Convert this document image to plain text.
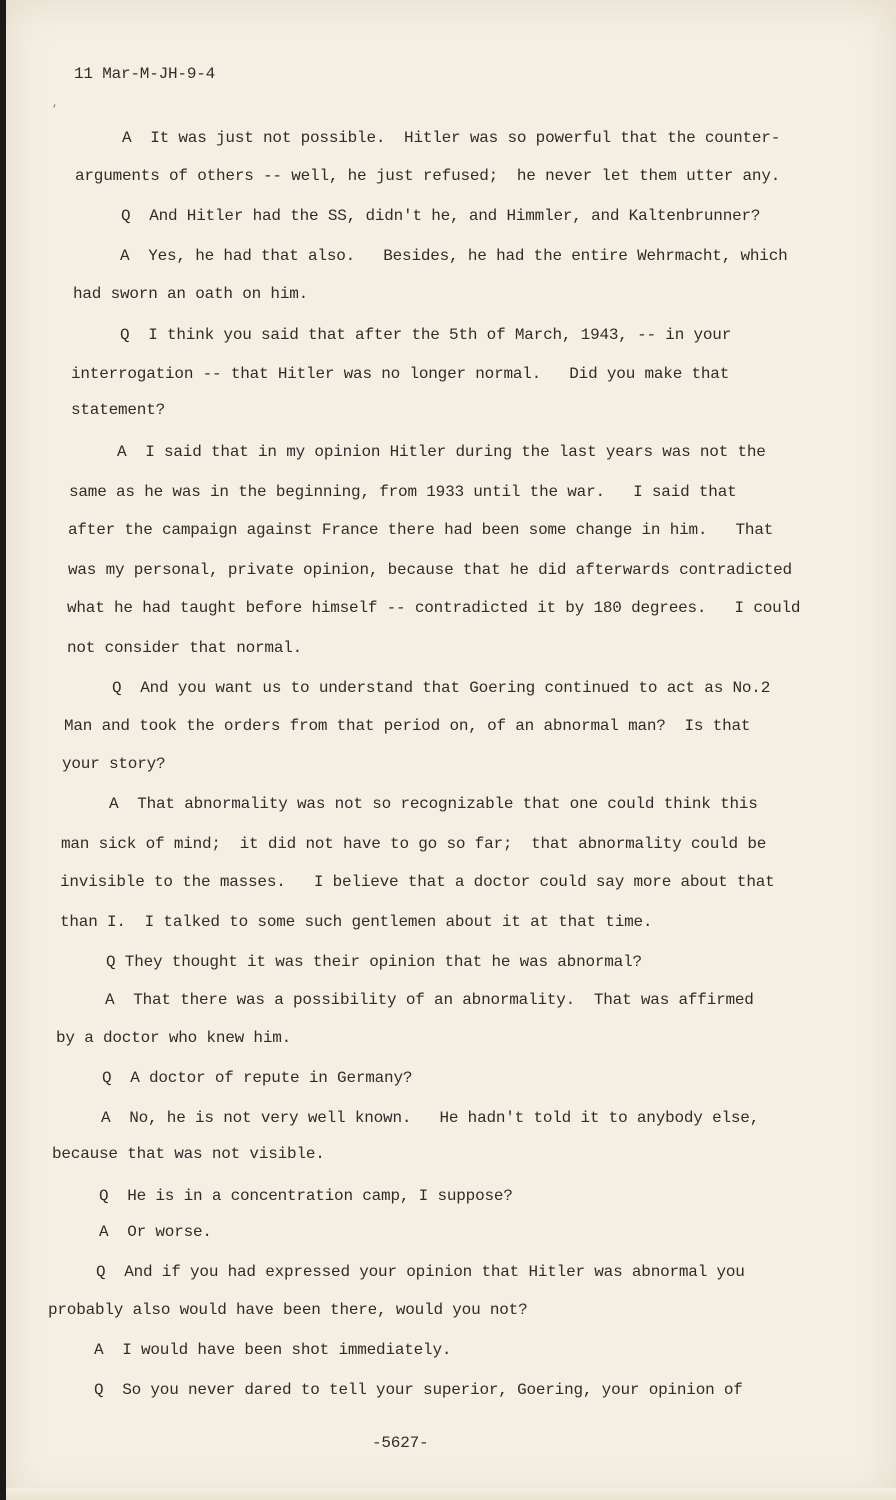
‘
11 Mar-M-JH-9-4
A  It was just not possible.  Hitler was so powerful that the counter-
arguments of others -- well, he just refused;  he never let them utter any.
Q  And Hitler had the SS, didn't he, and Himmler, and Kaltenbrunner?
A  Yes, he had that also.   Besides, he had the entire Wehrmacht, which
had sworn an oath on him.
Q  I think you said that after the 5th of March, 1943, -- in your
interrogation -- that Hitler was no longer normal.   Did you make that
statement?
A  I said that in my opinion Hitler during the last years was not the
same as he was in the beginning, from 1933 until the war.   I said that
after the campaign against France there had been some change in him.   That
was my personal, private opinion, because that he did afterwards contradicted
what he had taught before himself -- contradicted it by 180 degrees.   I could
not consider that normal.
Q  And you want us to understand that Goering continued to act as No.2
Man and took the orders from that period on, of an abnormal man?  Is that
your story?
A  That abnormality was not so recognizable that one could think this
man sick of mind;  it did not have to go so far;  that abnormality could be
invisible to the masses.   I believe that a doctor could say more about that
than I.  I talked to some such gentlemen about it at that time.
Q They thought it was their opinion that he was abnormal?
A  That there was a possibility of an abnormality.  That was affirmed
by a doctor who knew him.
Q  A doctor of repute in Germany?
A  No, he is not very well known.   He hadn't told it to anybody else,
because that was not visible.
Q  He is in a concentration camp, I suppose?
A  Or worse.
Q  And if you had expressed your opinion that Hitler was abnormal you
probably also would have been there, would you not?
A  I would have been shot immediately.
Q  So you never dared to tell your superior, Goering, your opinion of
-5627-
